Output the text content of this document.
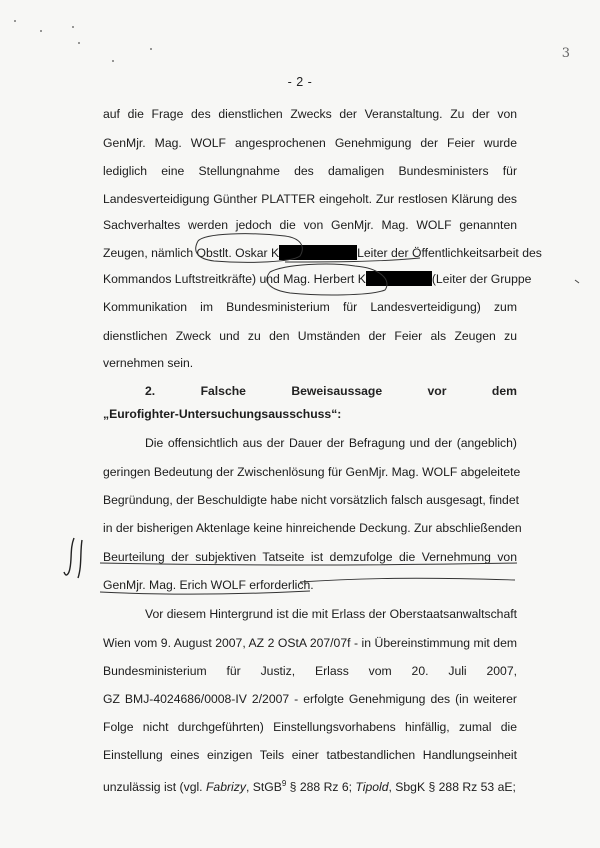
3
- 2 -
auf die Frage des dienstlichen Zwecks der Veranstaltung. Zu der von
GenMjr. Mag. WOLF angesprochenen Genehmigung der Feier wurde
lediglich eine Stellungnahme des damaligen Bundesministers für
Landesverteidigung Günther PLATTER eingeholt. Zur restlosen Klärung des
Sachverhaltes werden jedoch die von GenMjr. Mag. WOLF genannten
Zeugen, nämlich Obstlt. Oskar K	Leiter der Öffentlichkeitsarbeit des
Kommandos Luftstreitkräfte) und Mag. Herbert K	(Leiter der Gruppe
Kommunikation im Bundesministerium für Landesverteidigung) zum
dienstlichen Zweck und zu den Umständen der Feier als Zeugen zu
vernehmen sein.
2.	Falsche	Beweisaussage	vor	dem
„Eurofighter-Untersuchungsausschuss“:
Die offensichtlich aus der Dauer der Befragung und der (angeblich)
geringen Bedeutung der Zwischenlösung für GenMjr. Mag. WOLF abgeleitete
Begründung, der Beschuldigte habe nicht vorsätzlich falsch ausgesagt, findet
in der bisherigen Aktenlage keine hinreichende Deckung. Zur abschließenden
Beurteilung der subjektiven Tatseite ist demzufolge die Vernehmung von
GenMjr. Mag. Erich WOLF erforderlich.
Vor diesem Hintergrund ist die mit Erlass der Oberstaatsanwaltschaft
Wien vom 9. August 2007, AZ 2 OStA 207/07f - in Übereinstimmung mit dem
Bundesministerium für Justiz, Erlass vom 20. Juli 2007,
GZ BMJ-4024686/0008-IV 2/2007 - erfolgte Genehmigung des (in weiterer
Folge nicht durchgeführten) Einstellungsvorhabens hinfällig, zumal die
Einstellung eines einzigen Teils einer tatbestandlichen Handlungseinheit
unzulässig ist (vgl. Fabrizy, StGB$^9$ § 288 Rz 6; Tipold, SbgK § 288 Rz 53 aE;
